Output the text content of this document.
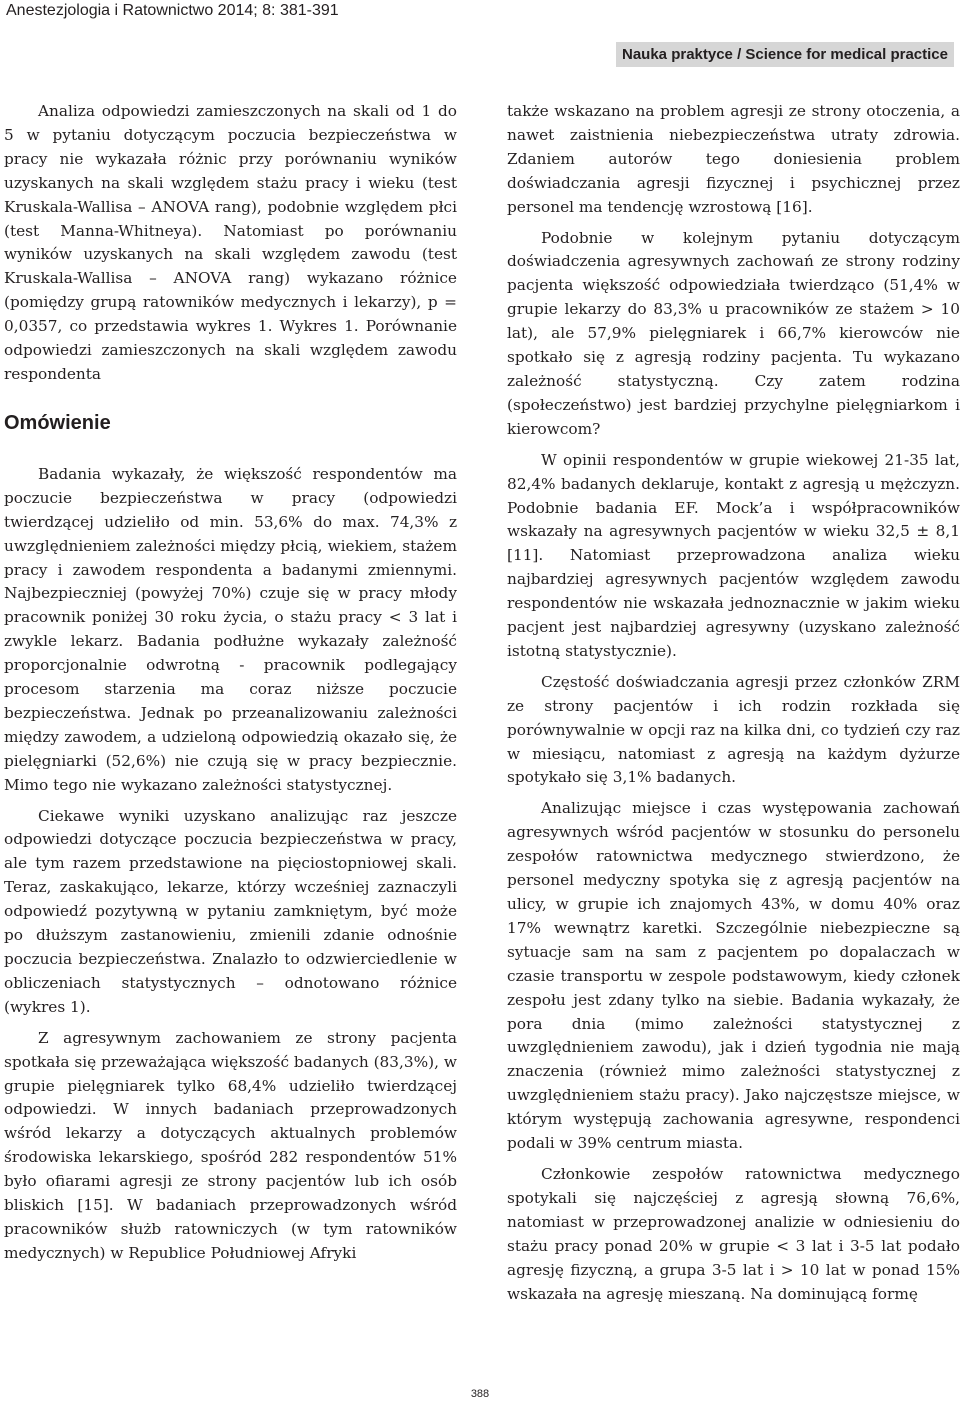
Anestezjologia i Ratownictwo 2014; 8: 381-391
Nauka praktyce / Science for medical practice

Analiza odpowiedzi zamieszczonych na skali od 1 do 5 w pytaniu dotyczącym poczucia bezpieczeństwa w pracy nie wykazała różnic przy porównaniu wyników uzyskanych na skali względem stażu pracy i wieku (test Kruskala-Wallisa – ANOVA rang), podobnie względem płci (test Manna-Whitneya). Natomiast po porównaniu wyników uzyskanych na skali względem zawodu (test Kruskala-Wallisa – ANOVA rang) wykazano różnice (pomiędzy grupą ratowników medycznych i lekarzy), p = 0,0357, co przedstawia wykres 1. Wykres 1. Porównanie odpowiedzi zamieszczonych na skali względem zawodu respondenta

Omówienie

Badania wykazały, że większość respondentów ma poczucie bezpieczeństwa w pracy (odpowiedzi twierdzącej udzieliło od min. 53,6% do max. 74,3% z uwzględnieniem zależności między płcią, wiekiem, stażem pracy i zawodem respondenta a badanymi zmiennymi. Najbezpieczniej (powyżej 70%) czuje się w pracy młody pracownik poniżej 30 roku życia, o stażu pracy < 3 lat i zwykle lekarz. Badania podłużne wykazały zależność proporcjonalnie odwrotną - pracownik podlegający procesom starzenia ma coraz niższe poczucie bezpieczeństwa. Jednak po przeanalizowaniu zależności między zawodem, a udzieloną odpowiedzią okazało się, że pielęgniarki (52,6%) nie czują się w pracy bezpiecznie. Mimo tego nie wykazano zależności statystycznej.

Ciekawe wyniki uzyskano analizując raz jeszcze odpowiedzi dotyczące poczucia bezpieczeństwa w pracy, ale tym razem przedstawione na pięciostopniowej skali. Teraz, zaskakująco, lekarze, którzy wcześniej zaznaczyli odpowiedź pozytywną w pytaniu zamkniętym, być może po dłuższym zastanowieniu, zmienili zdanie odnośnie poczucia bezpieczeństwa. Znalazło to odzwierciedlenie w obliczeniach statystycznych – odnotowano różnice (wykres 1).

Z agresywnym zachowaniem ze strony pacjenta spotkała się przeważająca większość badanych (83,3%), w grupie pielęgniarek tylko 68,4% udzieliło twierdzącej odpowiedzi. W innych badaniach przeprowadzonych wśród lekarzy a dotyczących aktualnych problemów środowiska lekarskiego, spośród 282 respondentów 51% było ofiarami agresji ze strony pacjentów lub ich osób bliskich [15]. W badaniach przeprowadzonych wśród pracowników służb ratowniczych (w tym ratowników medycznych) w Republice Południowej Afryki

także wskazano na problem agresji ze strony otoczenia, a nawet zaistnienia niebezpieczeństwa utraty zdrowia. Zdaniem autorów tego doniesienia problem doświadczania agresji fizycznej i psychicznej przez personel ma tendencję wzrostową [16].

Podobnie w kolejnym pytaniu dotyczącym doświadczenia agresywnych zachowań ze strony rodziny pacjenta większość odpowiedziała twierdząco (51,4% w grupie lekarzy do 83,3% u pracowników ze stażem > 10 lat), ale 57,9% pielęgniarek i 66,7% kierowców nie spotkało się z agresją rodziny pacjenta. Tu wykazano zależność statystyczną. Czy zatem rodzina (społeczeństwo) jest bardziej przychylne pielęgniarkom i kierowcom?

W opinii respondentów w grupie wiekowej 21-35 lat, 82,4% badanych deklaruje, kontakt z agresją u mężczyzn. Podobnie badania EF. Mock’a i współpracowników wskazały na agresywnych pacjentów w wieku 32,5 ± 8,1 [11]. Natomiast przeprowadzona analiza wieku najbardziej agresywnych pacjentów względem zawodu respondentów nie wskazała jednoznacznie w jakim wieku pacjent jest najbardziej agresywny (uzyskano zależność istotną statystycznie).

Częstość doświadczania agresji przez członków ZRM ze strony pacjentów i ich rodzin rozkłada się porównywalnie w opcji raz na kilka dni, co tydzień czy raz w miesiącu, natomiast z agresją na każdym dyżurze spotykało się 3,1% badanych.

Analizując miejsce i czas występowania zachowań agresywnych wśród pacjentów w stosunku do personelu zespołów ratownictwa medycznego stwierdzono, że personel medyczny spotyka się z agresją pacjentów na ulicy, w grupie ich znajomych 43%, w domu 40% oraz 17% wewnątrz karetki. Szczególnie niebezpieczne są sytuacje sam na sam z pacjentem po dopalaczach w czasie transportu w zespole podstawowym, kiedy członek zespołu jest zdany tylko na siebie. Badania wykazały, że pora dnia (mimo zależności statystycznej z uwzględnieniem zawodu), jak i dzień tygodnia nie mają znaczenia (również mimo zależności statystycznej z uwzględnieniem stażu pracy). Jako najczęstsze miejsce, w którym występują zachowania agresywne, respondenci podali w 39% centrum miasta.

Członkowie zespołów ratownictwa medycznego spotykali się najczęściej z agresją słowną 76,6%, natomiast w przeprowadzonej analizie w odniesieniu do stażu pracy ponad 20% w grupie < 3 lat i 3-5 lat podało agresję fizyczną, a grupa 3-5 lat i > 10 lat w ponad 15% wskazała na agresję mieszaną. Na dominującą formę

388
